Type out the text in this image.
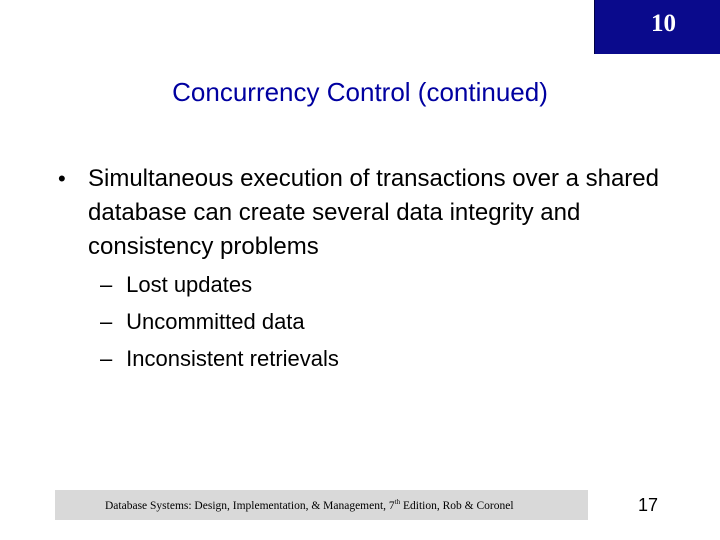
10
Concurrency Control (continued)
• Simultaneous execution of transactions over a shared database can create several data integrity and consistency problems
– Lost updates
– Uncommitted data
– Inconsistent retrievals
Database Systems: Design, Implementation, & Management, 7th Edition, Rob & Coronel	17
